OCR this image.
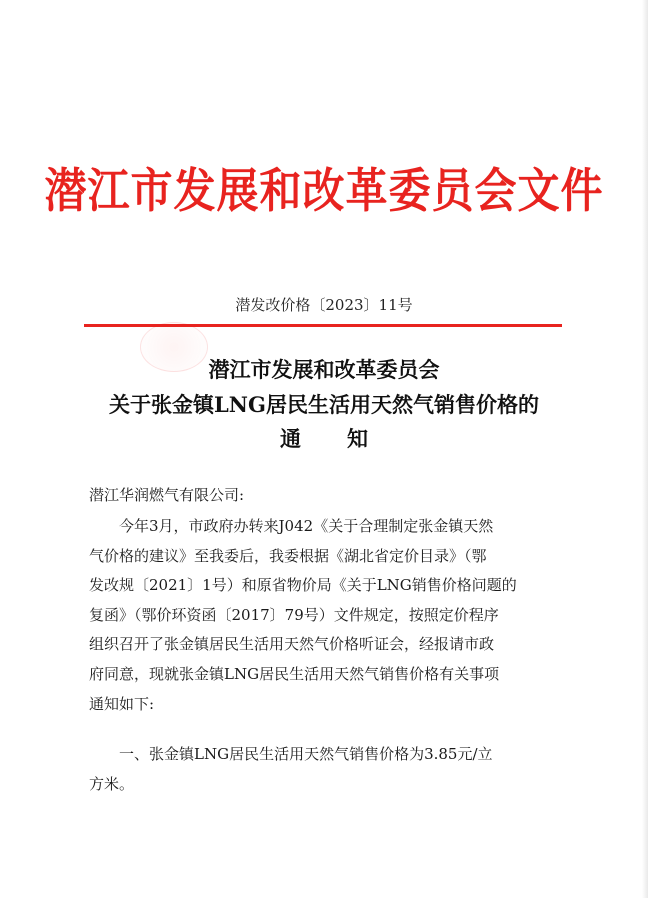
潜江市发展和改革委员会文件
潜发改价格〔2023〕11号
潜江市发展和改革委员会
关于张金镇LNG居民生活用天然气销售价格的
通知
潜江华润燃气有限公司:
今年3月，市政府办转来J042《关于合理制定张金镇天然
气价格的建议》至我委后，我委根据《湖北省定价目录》（鄂
发改规〔2021〕1号）和原省物价局《关于LNG销售价格问题的
复函》（鄂价环资函〔2017〕79号）文件规定，按照定价程序
组织召开了张金镇居民生活用天然气价格听证会，经报请市政
府同意，现就张金镇LNG居民生活用天然气销售价格有关事项
通知如下:
一、张金镇LNG居民生活用天然气销售价格为3.85元/立
方米。
